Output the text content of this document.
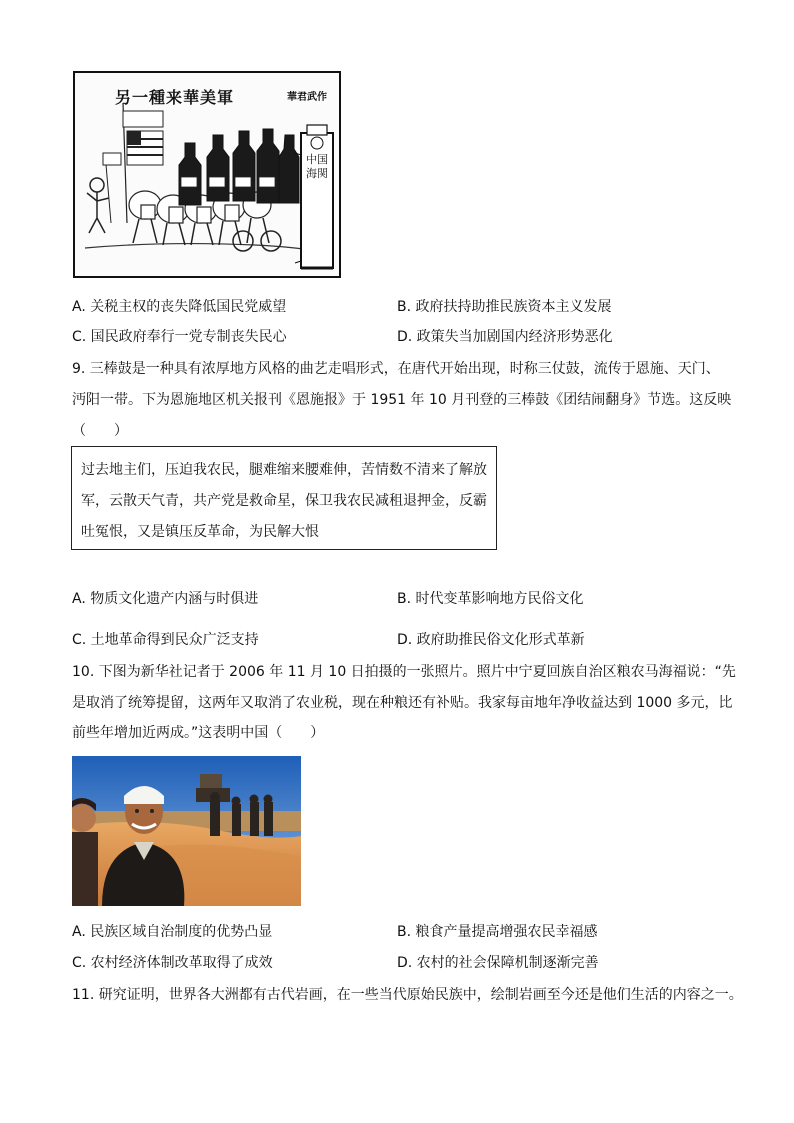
另一種来華美軍	華君武作
中国海関
A. 关税主权的丧失降低国民党威望	B. 政府扶持助推民族资本主义发展
C. 国民政府奉行一党专制丧失民心	D. 政策失当加剧国内经济形势恶化
9. 三棒鼓是一种具有浓厚地方风格的曲艺走唱形式，在唐代开始出现，时称三仗鼓，流传于恩施、天门、
沔阳一带。下为恩施地区机关报刊《恩施报》于 1951 年 10 月刊登的三棒鼓《团结闹翻身》节选。这反映
（　　）

过去地主们，压迫我农民，腿难缩来腰难伸，苦情数不清来了解放军，云散天气青，共产党是救命星，保卫我农民减租退押金，反霸吐冤恨，又是镇压反革命，为民解大恨

A. 物质文化遗产内涵与时俱进	B. 时代变革影响地方民俗文化
C. 土地革命得到民众广泛支持	D. 政府助推民俗文化形式革新
10. 下图为新华社记者于 2006 年 11 月 10 日拍摄的一张照片。照片中宁夏回族自治区粮农马海福说：“先
是取消了统筹提留，这两年又取消了农业税，现在种粮还有补贴。我家每亩地年净收益达到 1000 多元，比
前些年增加近两成。”这表明中国（　　）
A. 民族区域自治制度的优势凸显	B. 粮食产量提高增强农民幸福感
C. 农村经济体制改革取得了成效	D. 农村的社会保障机制逐渐完善
11. 研究证明，世界各大洲都有古代岩画，在一些当代原始民族中，绘制岩画至今还是他们生活的内容之一。
